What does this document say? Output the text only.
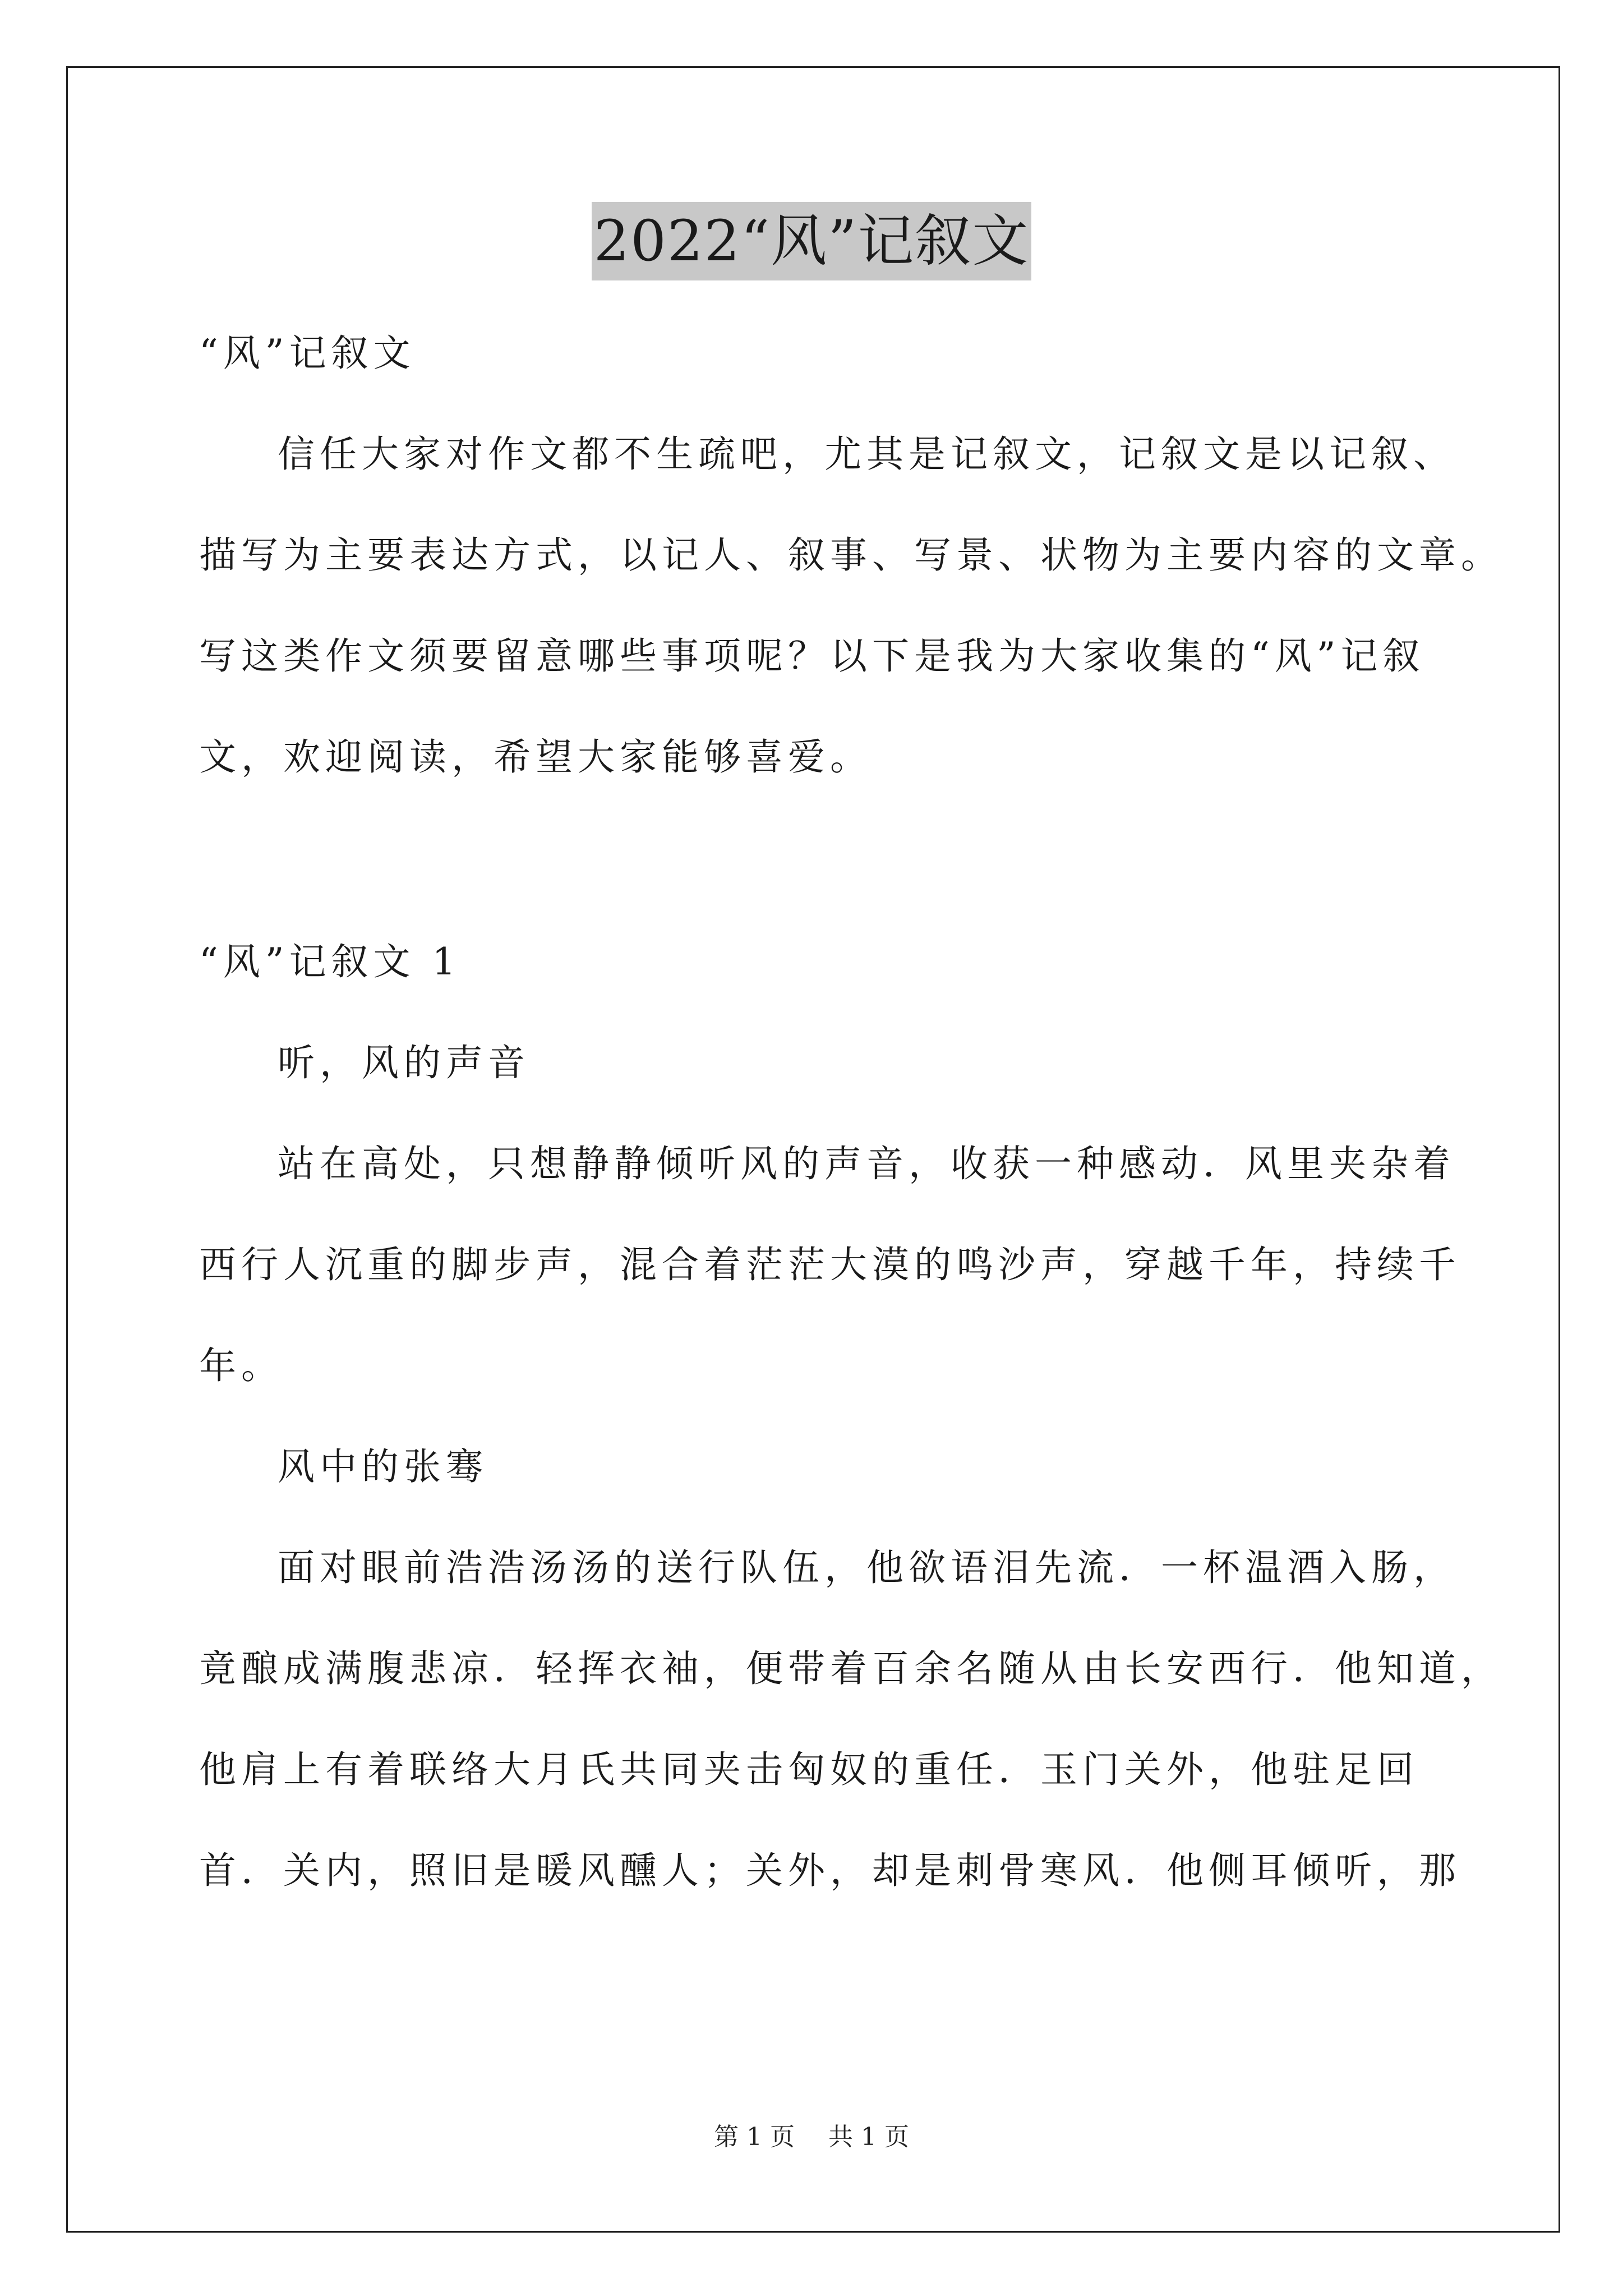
2022“风”记叙文
“风”记叙文
信任大家对作文都不生疏吧，尤其是记叙文，记叙文是以记叙、
描写为主要表达方式，以记人、叙事、写景、状物为主要内容的文章。
写这类作文须要留意哪些事项呢？以下是我为大家收集的“风”记叙
文，欢迎阅读，希望大家能够喜爱。
“风”记叙文 1
听，风的声音
站在高处，只想静静倾听风的声音，收获一种感动．风里夹杂着
西行人沉重的脚步声，混合着茫茫大漠的鸣沙声，穿越千年，持续千
年。
风中的张骞
面对眼前浩浩汤汤的送行队伍，他欲语泪先流．一杯温酒入肠，
竟酿成满腹悲凉．轻挥衣袖，便带着百余名随从由长安西行．他知道，
他肩上有着联络大月氏共同夹击匈奴的重任．玉门关外，他驻足回
首．关内，照旧是暖风醺人；关外，却是刺骨寒风．他侧耳倾听，那
第 1 页 共 1 页
